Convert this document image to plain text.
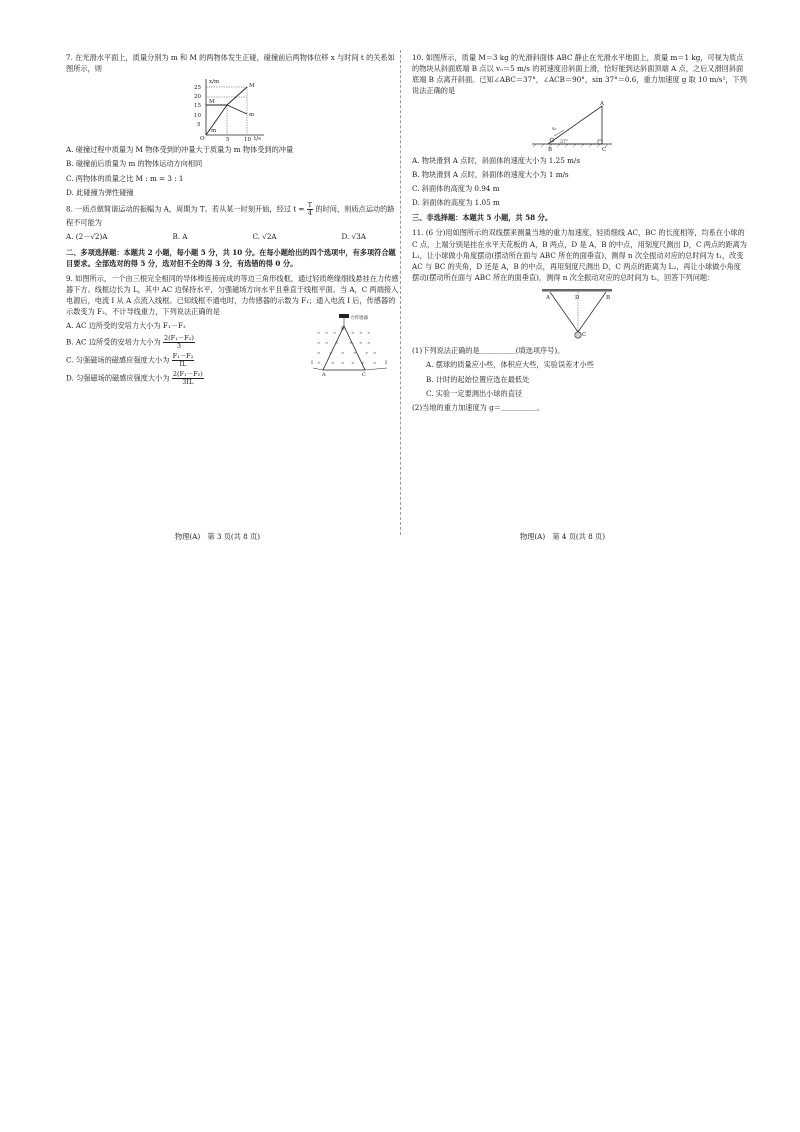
7. 在光滑水平面上，质量分别为 m 和 M 的两物体发生正碰，碰撞前后两物体位移 x 与时间 t 的关系如图所示，则

x/m
t/s
O
25
20
15
10
5
5	10
M
m
M
m

A. 碰撞过程中质量为 M 物体受到的冲量大于质量为 m 物体受到的冲量

B. 碰撞前后质量为 m 的物体运动方向相同

C. 两物体的质量之比 M : m = 3 : 1

D. 此碰撞为弹性碰撞

8. 一质点做简谐运动的振幅为 A，周期为 T。若从某一时刻开始，经过 $t = \frac{T}{4}$ 的时间，则质点运动的路程不可能为

A. (2－√2)A	B. A	C. √2A	D. √3A

二、多项选择题：本题共 2 小题，每小题 5 分，共 10 分。在每小题给出的四个选项中，有多项符合题目要求。全部选对的得 5 分，选对但不全的得 3 分，有选错的得 0 分。

9. 如图所示，一个由三根完全相同的导体棒连接而成的等边三角形线框，通过轻质绝缘细线悬挂在力传感器下方。线框边长为 L，其中 AC 边保持水平，匀强磁场方向水平且垂直于线框平面。当 A，C 两端接入电源后，电流 I 从 A 点流入线框。已知线框不通电时，力传感器的示数为 F₁；通入电流 I 后，传感器的示数变为 F₂，不计导线重力，下列说法正确的是

A. AC 边所受的安培力大小为 F₁－F₂

B. AC 边所受的安培力大小为 $\frac{\text{2(F₁－F₂)}}{3}$

C. 匀强磁场的磁感应强度大小为 $\frac{\text{F₁－F₂}}{IL}$

D. 匀强磁场的磁感应强度大小为 $\frac{\text{2(F₁－F₂)}}{3IL}$

力传感器
B
A	C
I	I
× × ×	× × ×
× × ×	× × ×
× × × × × ×
×	× × × × ×
物理(A)　第 3 页(共 8 页)

10. 如图所示，质量 M＝3 kg 的光滑斜面体 ABC 静止在光滑水平地面上，质量 m＝1 kg，可视为质点的物块从斜面底端 B 点以 v₀＝5 m/s 的初速度沿斜面上滑，恰好能到达斜面顶端 A 点，之后又滑回斜面底端 B 点离开斜面。已知∠ABC＝37°，∠ACB＝90°，sin 37°＝0.6，重力加速度 g 取 10 m/s²，下列说法正确的是

v₀
37°
A
B	C

A. 物块滑到 A 点时，斜面体的速度大小为 1.25 m/s

B. 物块滑到 A 点时，斜面体的速度大小为 1 m/s

C. 斜面体的高度为 0.94 m

D. 斜面体的高度为 1.05 m

三、非选择题：本题共 5 小题，共 58 分。

11. (6 分)用如图所示的双线摆来测量当地的重力加速度，轻质细线 AC，BC 的长度相等，均系在小球的 C 点，上端分别是挂在水平天花板的 A，B 两点，D 是 A，B 的中点，用刻度尺测出 D，C 两点的距离为 L₁，让小球做小角度摆动(摆动所在面与 ABC 所在的面垂直)，测得 n 次全振动对应的总时间为 t₁，改变 AC 与 BC 的夹角，D 还是 A，B 的中点，再用刻度尺测出 D，C 两点的距离为 L₂，再让小球做小角度摆动(摆动所在面与 ABC 所在的面垂直)，测得 n 次全振动对应的总时间为 t₂，回答下列问题：

A	D	B
C

(1)下列说法正确的是＿＿＿＿＿(填选项序号)。

A. 摆球的质量应小些，体积应大些，实验误差才小些

B. 计时的起始位置应选在最低处

C. 实验一定要测出小球的直径

(2)当地的重力加速度为 g＝＿＿＿＿＿。

物理(A)　第 4 页(共 8 页)
